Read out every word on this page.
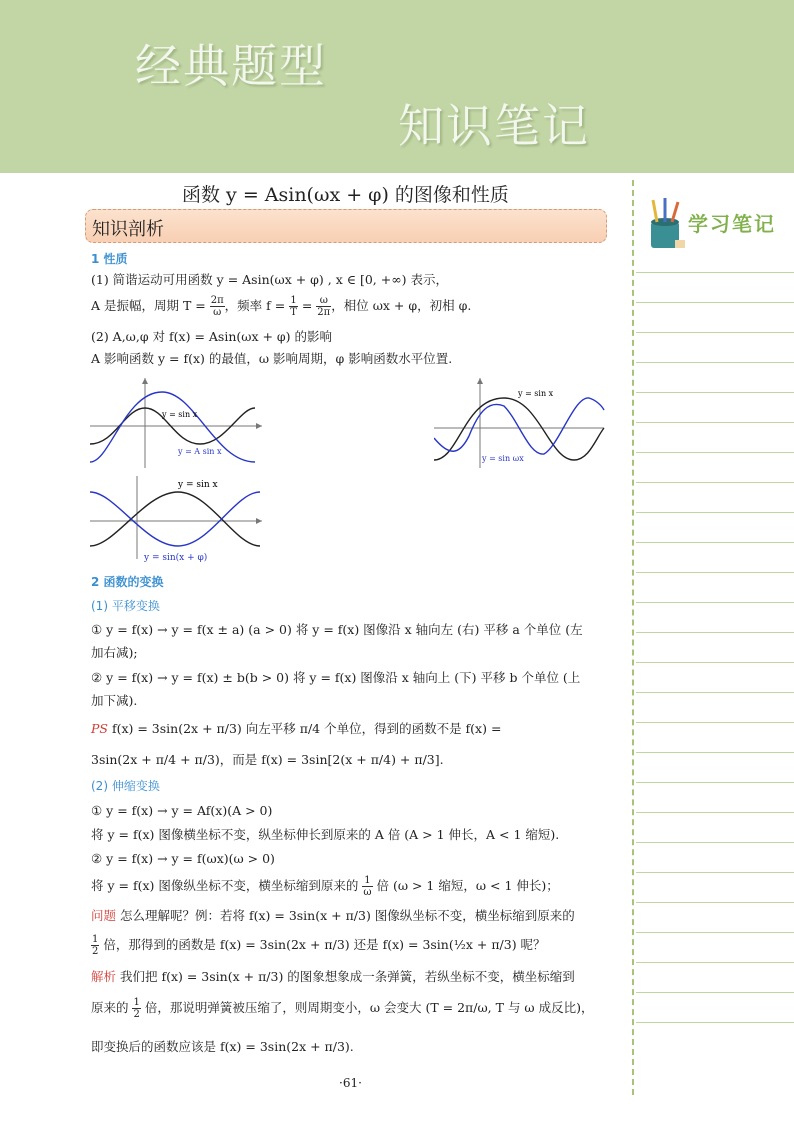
经典题型
知识笔记
函数 y = Asin(ωx + φ) 的图像和性质
知识剖析
1 性质
(1) 简谐运动可用函数 y = Asin(ωx + φ) , x ∈ [0, +∞) 表示，
A 是振幅，周期 $T = \frac{2\pi}{\omega}$ ，频率 $f = \frac{1}{T} = \frac{\omega}{2\pi}$ ，相位 ωx + φ，初相 φ.
(2) A,ω,φ 对 f(x) = Asin(ωx + φ) 的影响
A 影响函数 y = f(x) 的最值，ω 影响周期，φ 影响函数水平位置.
y = sin x
y = A sin x
y = sin x
y = sin ωx
y = sin x
y = sin(x + φ)
2 函数的变换
(1) 平移变换
① y = f(x) → y = f(x ± a) (a > 0) 将 y = f(x) 图像沿 x 轴向左 (右) 平移 a 个单位 (左
加右减);
② y = f(x) → y = f(x) ± b(b > 0) 将 y = f(x) 图像沿 x 轴向上 (下) 平移 b 个单位 (上
加下减).
PS f(x) = 3sin(2x + π/3) 向左平移 π/4 个单位，得到的函数不是 f(x) =
3sin(2x + π/4 + π/3)，而是 f(x) = 3sin[2(x + π/4) + π/3].
(2) 伸缩变换
① y = f(x) → y = Af(x)(A > 0)
将 y = f(x) 图像横坐标不变，纵坐标伸长到原来的 A 倍 (A > 1 伸长，A < 1 缩短).
② y = f(x) → y = f(ωx)(ω > 0)
将 y = f(x) 图像纵坐标不变，横坐标缩到原来的 $\frac{1}{\omega}$ 倍 (ω > 1 缩短，ω < 1 伸长)；
问题 怎么理解呢？例：若将 f(x) = 3sin(x + π/3) 图像纵坐标不变，横坐标缩到原来的
$\frac{1}{2}$ 倍，那得到的函数是 f(x) = 3sin(2x + π/3) 还是 f(x) = 3sin(½x + π/3) 呢？
解析 我们把 f(x) = 3sin(x + π/3) 的图象想象成一条弹簧，若纵坐标不变，横坐标缩到
原来的 $\frac{1}{2}$ 倍，那说明弹簧被压缩了，则周期变小，ω 会变大 (T = 2π/ω, T 与 ω 成反比)，
即变换后的函数应该是 f(x) = 3sin(2x + π/3).
学习笔记
·61·
